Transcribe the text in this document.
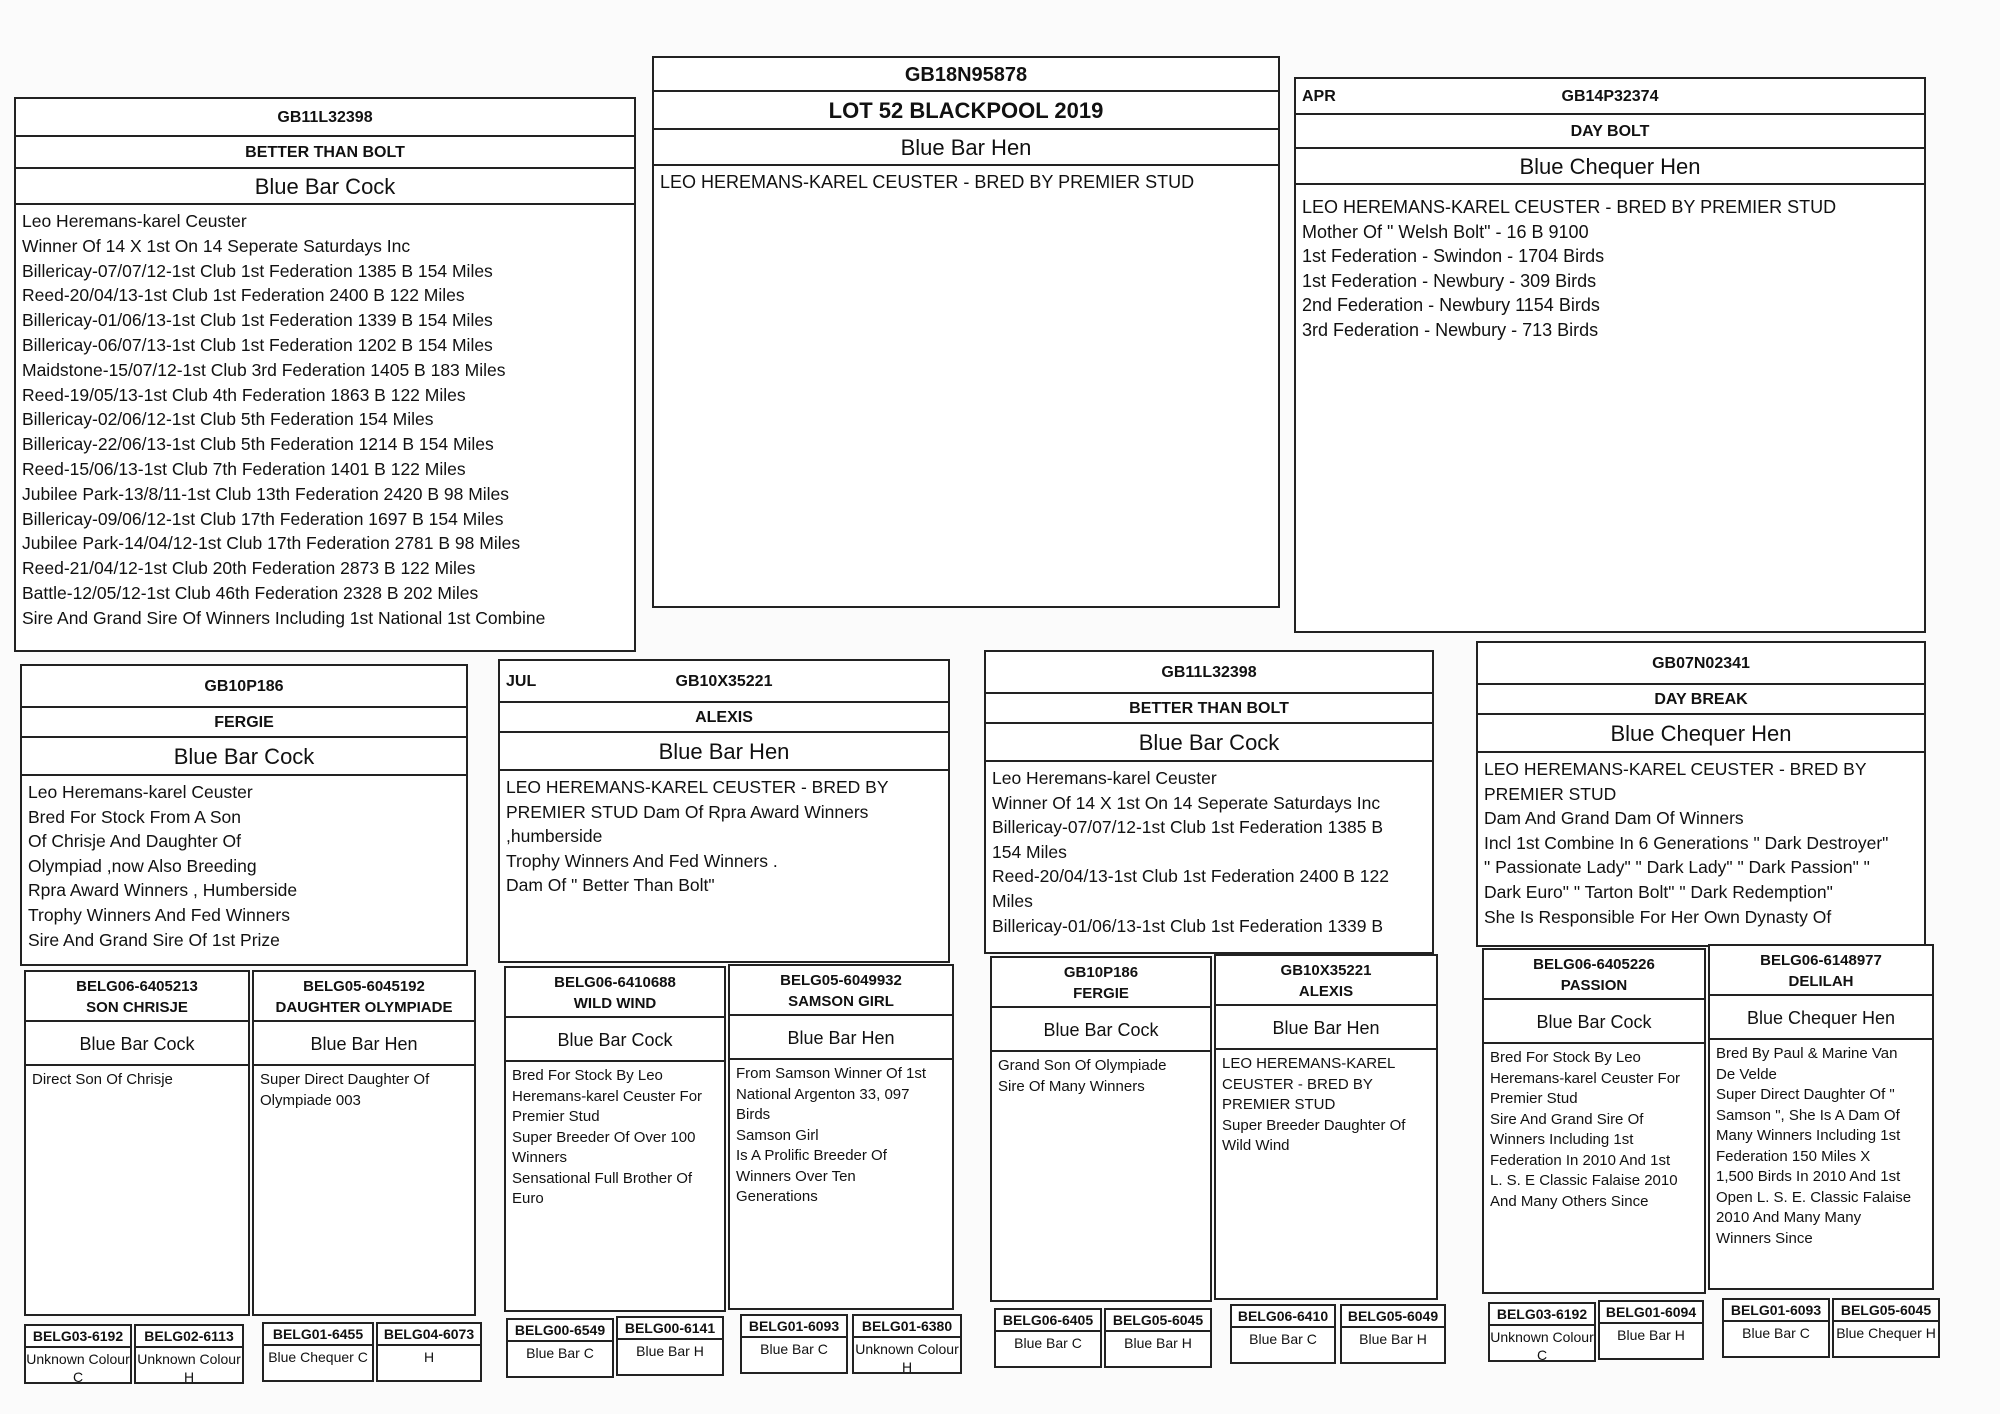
GB11L32398
BETTER THAN BOLT
Blue Bar Cock
Leo Heremans-karel Ceuster
Winner Of 14 X 1st On 14 Seperate Saturdays Inc
Billericay-07/07/12-1st Club 1st Federation 1385 B 154 Miles
Reed-20/04/13-1st Club 1st Federation 2400 B 122 Miles
Billericay-01/06/13-1st Club 1st Federation 1339 B 154 Miles
Billericay-06/07/13-1st Club 1st Federation 1202 B 154 Miles
Maidstone-15/07/12-1st Club 3rd Federation 1405 B 183 Miles
Reed-19/05/13-1st Club 4th Federation 1863 B 122 Miles
Billericay-02/06/12-1st Club 5th Federation 154 Miles
Billericay-22/06/13-1st Club 5th Federation 1214 B 154 Miles
Reed-15/06/13-1st Club 7th Federation 1401 B 122 Miles
Jubilee Park-13/8/11-1st Club 13th Federation 2420 B 98 Miles
Billericay-09/06/12-1st Club 17th Federation 1697 B 154 Miles
Jubilee Park-14/04/12-1st Club 17th Federation 2781 B 98 Miles
Reed-21/04/12-1st Club 20th Federation 2873 B 122 Miles
Battle-12/05/12-1st Club 46th Federation 2328 B 202 Miles
Sire And Grand Sire Of Winners Including 1st National 1st Combine
GB18N95878
LOT 52 BLACKPOOL 2019
Blue Bar Hen
LEO HEREMANS-KAREL CEUSTER - BRED BY PREMIER STUD
APR	GB14P32374
DAY BOLT
Blue Chequer Hen
LEO HEREMANS-KAREL CEUSTER - BRED BY PREMIER STUD
Mother Of " Welsh Bolt" - 16 B 9100
1st Federation - Swindon - 1704 Birds
1st Federation - Newbury - 309 Birds
2nd Federation - Newbury 1154 Birds
3rd Federation - Newbury - 713 Birds
GB10P186
FERGIE
Blue Bar Cock
Leo Heremans-karel Ceuster
Bred For Stock From A Son
Of Chrisje And Daughter Of
Olympiad ,now Also Breeding
Rpra Award Winners , Humberside
Trophy Winners And Fed Winners
Sire And Grand Sire Of 1st Prize
JUL	GB10X35221
ALEXIS
Blue Bar Hen
LEO HEREMANS-KAREL CEUSTER - BRED BY
PREMIER STUD Dam Of Rpra Award Winners
,humberside
Trophy Winners And Fed Winners .
Dam Of " Better Than Bolt"
GB11L32398
BETTER THAN BOLT
Blue Bar Cock
Leo Heremans-karel Ceuster
Winner Of 14 X 1st On 14 Seperate Saturdays Inc
Billericay-07/07/12-1st Club 1st Federation 1385 B
154 Miles
Reed-20/04/13-1st Club 1st Federation 2400 B 122
Miles
Billericay-01/06/13-1st Club 1st Federation 1339 B
GB07N02341
DAY BREAK
Blue Chequer Hen
LEO HEREMANS-KAREL CEUSTER - BRED BY
PREMIER STUD
Dam And Grand Dam Of Winners
Incl 1st Combine In 6 Generations " Dark Destroyer"
" Passionate Lady" " Dark Lady" " Dark Passion" "
Dark Euro" " Tarton Bolt" " Dark Redemption"
She Is Responsible For Her Own Dynasty Of
BELG06-6405213
SON CHRISJE
Blue Bar Cock
Direct Son Of Chrisje
BELG05-6045192
DAUGHTER OLYMPIADE
Blue Bar Hen
Super Direct Daughter Of
Olympiade 003
BELG06-6410688
WILD WIND
Blue Bar Cock
Bred For Stock By Leo
Heremans-karel Ceuster For
Premier Stud
Super Breeder Of Over 100
Winners
Sensational Full Brother Of
Euro
BELG05-6049932
SAMSON GIRL
Blue Bar Hen
From Samson Winner Of 1st
National Argenton 33, 097
Birds
Samson Girl
Is A Prolific Breeder Of
Winners Over Ten
Generations
GB10P186
FERGIE
Blue Bar Cock
Grand Son Of Olympiade
Sire Of Many Winners
GB10X35221
ALEXIS
Blue Bar Hen
LEO HEREMANS-KAREL
CEUSTER - BRED BY
PREMIER STUD
Super Breeder Daughter Of
Wild Wind
BELG06-6405226
PASSION
Blue Bar Cock
Bred For Stock By Leo
Heremans-karel Ceuster For
Premier Stud
Sire And Grand Sire Of
Winners Including 1st
Federation In 2010 And 1st
L. S. E Classic Falaise 2010
And Many Others Since
BELG06-6148977
DELILAH
Blue Chequer Hen
Bred By Paul & Marine Van
De Velde
Super Direct Daughter Of "
Samson ", She Is A Dam Of
Many Winners Including 1st
Federation 150 Miles X
1,500 Birds In 2010 And 1st
Open L. S. E. Classic Falaise
2010 And Many Many
Winners Since
BELG03-6192
Unknown Colour C
BELG02-6113
Unknown Colour H
BELG01-6455
Blue Chequer C
BELG04-6073
H
BELG00-6549
Blue Bar C
BELG00-6141
Blue Bar H
BELG01-6093
Blue Bar C
BELG01-6380
Unknown Colour H
BELG06-6405
Blue Bar C
BELG05-6045
Blue Bar H
BELG06-6410
Blue Bar C
BELG05-6049
Blue Bar H
BELG03-6192
Unknown Colour C
BELG01-6094
Blue Bar H
BELG01-6093
Blue Bar C
BELG05-6045
Blue Chequer H
